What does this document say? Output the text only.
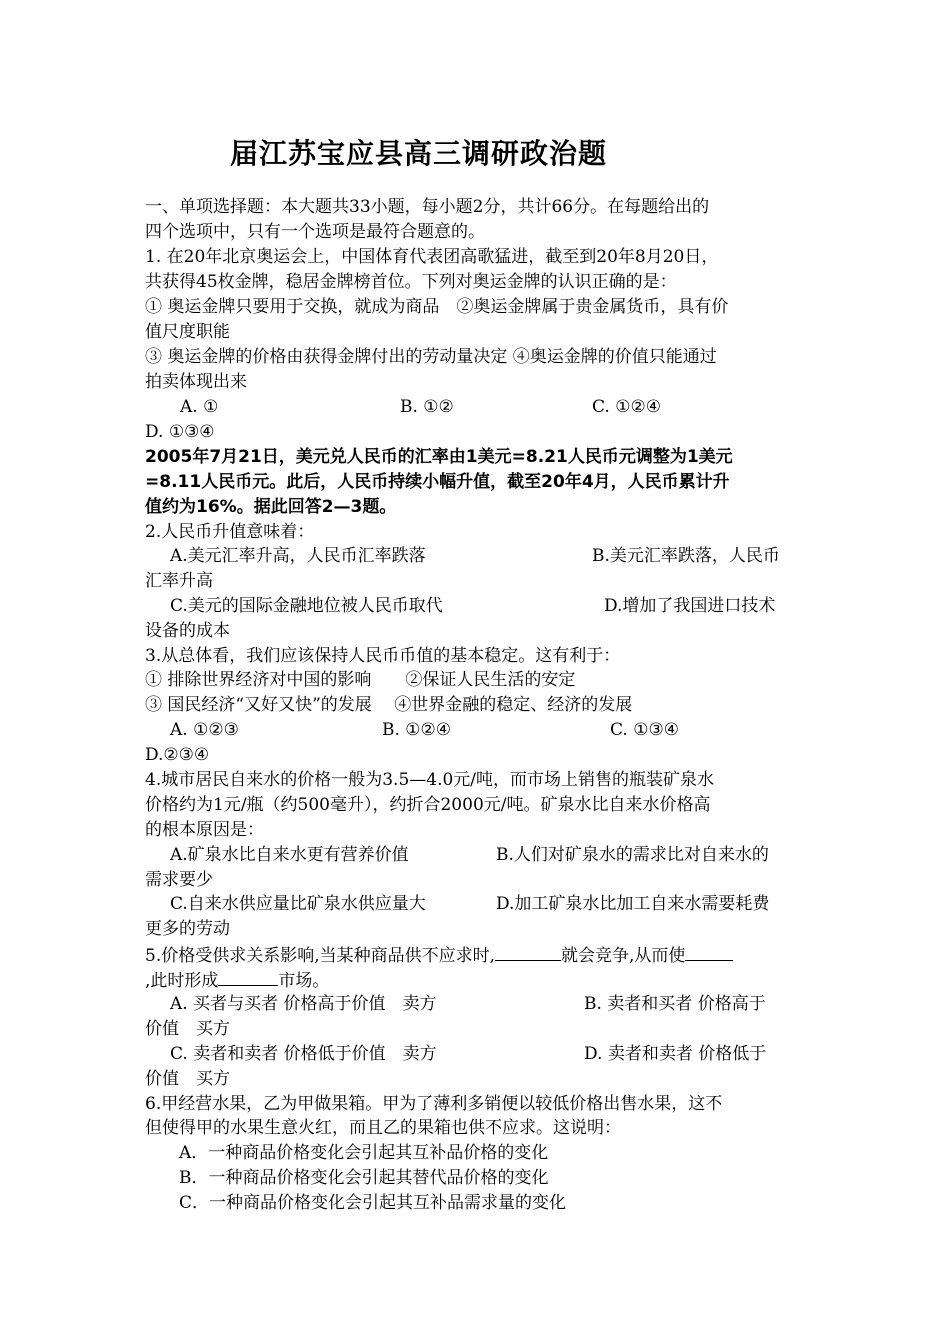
届江苏宝应县高三调研政治题
一、单项选择题：本大题共33小题，每小题2分，共计66分。在每题给出的
四个选项中，只有一个选项是最符合题意的。
1. 在20年北京奥运会上，中国体育代表团高歌猛进，截至到20年8月20日，
共获得45枚金牌，稳居金牌榜首位。下列对奥运金牌的认识正确的是：
① 奥运金牌只要用于交换，就成为商品　②奥运金牌属于贵金属货币，具有价
值尺度职能
③ 奥运金牌的价格由获得金牌付出的劳动量决定 ④奥运金牌的价值只能通过
拍卖体现出来
A. ①	B. ①②	C. ①②④
D. ①③④
2005年7月21日，美元兑人民币的汇率由1美元=8.21人民币元调整为1美元
=8.11人民币元。此后，人民币持续小幅升值，截至20年4月，人民币累计升
值约为16%。据此回答2—3题。
2.人民币升值意味着：
A.美元汇率升高，人民币汇率跌落	B.美元汇率跌落，人民币
汇率升高
C.美元的国际金融地位被人民币取代	D.增加了我国进口技术
设备的成本
3.从总体看，我们应该保持人民币币值的基本稳定。这有利于：
① 排除世界经济对中国的影响　　②保证人民生活的安定
③ 国民经济“又好又快”的发展　 ④世界金融的稳定、经济的发展
A. ①②③	B. ①②④	C. ①③④
D.②③④
4.城市居民自来水的价格一般为3.5—4.0元/吨，而市场上销售的瓶装矿泉水
价格约为1元/瓶（约500毫升），约折合2000元/吨。矿泉水比自来水价格高
的根本原因是：
A.矿泉水比自来水更有营养价值	B.人们对矿泉水的需求比对自来水的
需求要少
C.自来水供应量比矿泉水供应量大	D.加工矿泉水比加工自来水需要耗费
更多的劳动
5.价格受供求关系影响,当某种商品供不应求时,	就会竞争,从而使
,此时形成	市场。
A. 买者与买者 价格高于价值　卖方	B. 卖者和买者 价格高于
价值　买方
C. 卖者和卖者 价格低于价值　卖方	D. 卖者和卖者 价格低于
价值　买方
6.甲经营水果，乙为甲做果箱。甲为了薄利多销便以较低价格出售水果，这不
但使得甲的水果生意火红，而且乙的果箱也供不应求。这说明：
　　A．一种商品价格变化会引起其互补品价格的变化
　　B．一种商品价格变化会引起其替代品价格的变化
　　C．一种商品价格变化会引起其互补品需求量的变化
